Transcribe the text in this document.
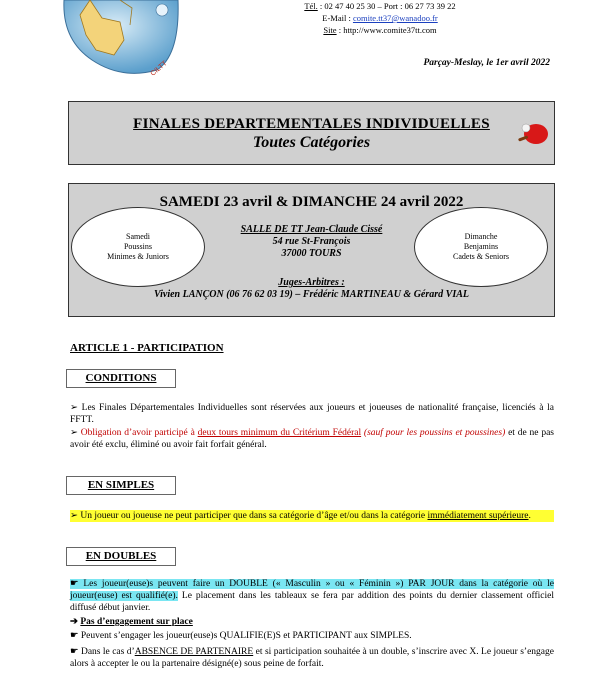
CILTT
Tél. : 02 47 40 25 30 – Port : 06 27 73 39 22
E-Mail : comite.tt37@wanadoo.fr
Site : http://www.comite37tt.com
Parçay-Meslay, le 1er avril 2022
FINALES DEPARTEMENTALES INDIVIDUELLES
Toutes Catégories
SAMEDI 23 avril & DIMANCHE 24 avril 2022
Samedi
Poussins
Minimes & Juniors
Dimanche
Benjamins
Cadets & Seniors
SALLE DE TT Jean-Claude Cissé
54 rue St-François
37000 TOURS
Juges-Arbitres :
Vivien LANÇON (06 76 62 03 19) – Frédéric MARTINEAU & Gérard VIAL
ARTICLE 1 - PARTICIPATION
CONDITIONS
➢ Les Finales Départementales Individuelles sont réservées aux joueurs et joueuses de nationalité française, licenciés à la FFTT.
➢ Obligation d’avoir participé à deux tours minimum du Critérium Fédéral (sauf pour les poussins et poussines) et de ne pas avoir été exclu, éliminé ou avoir fait forfait général.
EN SIMPLES
➢ Un joueur ou joueuse ne peut participer que dans sa catégorie d’âge et/ou dans la catégorie immédiatement supérieure.
EN DOUBLES
☛ Les joueur(euse)s peuvent faire un DOUBLE (« Masculin » ou « Féminin ») PAR JOUR dans la catégorie où le joueur(euse) est qualifié(e). Le placement dans les tableaux se fera par addition des points du dernier classement officiel diffusé début janvier.
➔ Pas d’engagement sur place
☛ Peuvent s’engager les joueur(euse)s QUALIFIE(E)S et PARTICIPANT aux SIMPLES.
☛ Dans le cas d’ABSENCE DE PARTENAIRE et si participation souhaitée à un double, s’inscrire avec X. Le joueur s’engage alors à accepter le ou la partenaire désigné(e) sous peine de forfait.
